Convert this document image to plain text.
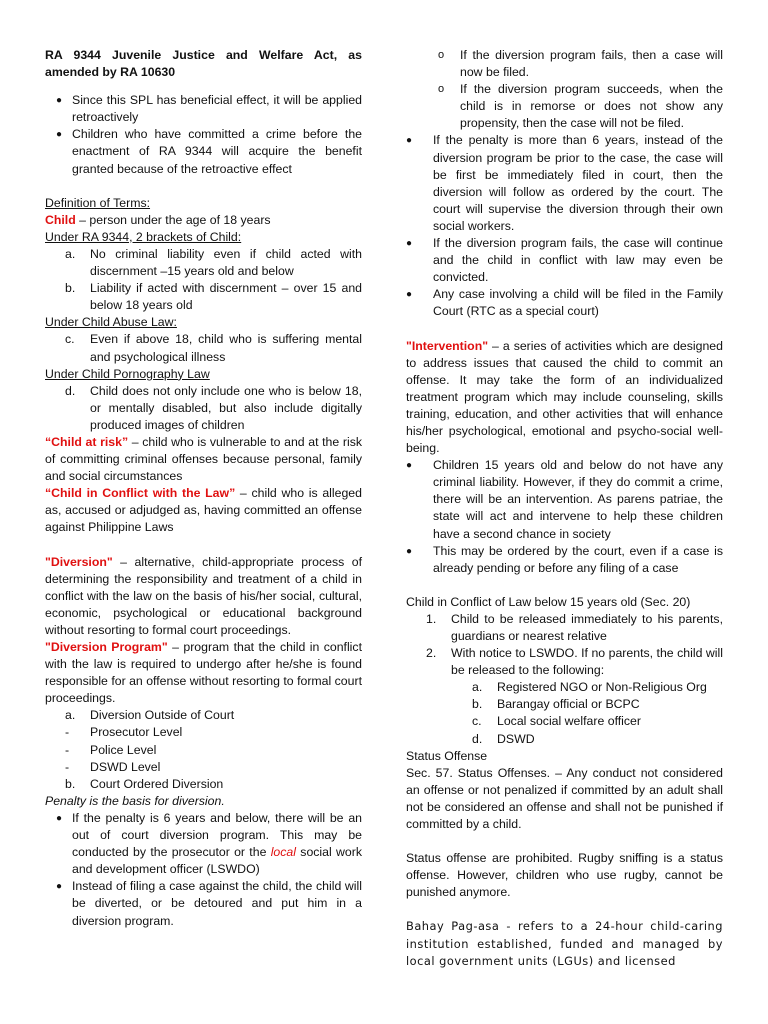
RA 9344 Juvenile Justice and Welfare Act, as amended by RA 10630

● Since this SPL has beneficial effect, it will be applied retroactively
● Children who have committed a crime before the enactment of RA 9344 will acquire the benefit granted because of the retroactive effect

Definition of Terms:

Child – person under the age of 18 years

Under RA 9344, 2 brackets of Child:

a.	No criminal liability even if child acted with discernment –15 years old and below
b.	Liability if acted with discernment – over 15 and below 18 years old

Under Child Abuse Law:

c.	Even if above 18, child who is suffering mental and psychological illness

Under Child Pornography Law

d.	Child does not only include one who is below 18, or mentally disabled, but also include digitally produced images of children

“Child at risk” – child who is vulnerable to and at the risk of committing criminal offenses because personal, family and social circumstances

“Child in Conflict with the Law” – child who is alleged as, accused or adjudged as, having committed an offense against Philippine Laws

"Diversion" – alternative, child-appropriate process of determining the responsibility and treatment of a child in conflict with the law on the basis of his/her social, cultural, economic, psychological or educational background without resorting to formal court proceedings.

"Diversion Program" – program that the child in conflict with the law is required to undergo after he/she is found responsible for an offense without resorting to formal court proceedings.

a.	Diversion Outside of Court
-	Prosecutor Level
-	Police Level
-	DSWD Level
b.	Court Ordered Diversion

Penalty is the basis for diversion.

● If the penalty is 6 years and below, there will be an out of court diversion program. This may be conducted by the prosecutor or the local social work and development officer (LSWDO)
● Instead of filing a case against the child, the child will be diverted, or be detoured and put him in a diversion program.
o	If the diversion program fails, then a case will now be filed.
o	If the diversion program succeeds, when the child is in remorse or does not show any propensity, then the case will not be filed.
●	If the penalty is more than 6 years, instead of the diversion program be prior to the case, the case will be first be immediately filed in court, then the diversion will follow as ordered by the court. The court will supervise the diversion through their own social workers.
●	If the diversion program fails, the case will continue and the child in conflict with law may even be convicted.
●	Any case involving a child will be filed in the Family Court (RTC as a special court)

"Intervention" – a series of activities which are designed to address issues that caused the child to commit an offense. It may take the form of an individualized treatment program which may include counseling, skills training, education, and other activities that will enhance his/her psychological, emotional and psycho-social well-being.

●	Children 15 years old and below do not have any criminal liability. However, if they do commit a crime, there will be an intervention. As parens patriae, the state will act and intervene to help these children have a second chance in society
●	This may be ordered by the court, even if a case is already pending or before any filing of a case

Child in Conflict of Law below 15 years old (Sec. 20)

1.	Child to be released immediately to his parents, guardians or nearest relative
2.	With notice to LSWDO. If no parents, the child will be released to the following:
a.	Registered NGO or Non-Religious Org
b.	Barangay official or BCPC
c.	Local social welfare officer
d.	DSWD

Status Offense

Sec. 57. Status Offenses. – Any conduct not considered an offense or not penalized if committed by an adult shall not be considered an offense and shall not be punished if committed by a child.

Status offense are prohibited. Rugby sniffing is a status offense. However, children who use rugby, cannot be punished anymore.

Bahay Pag-asa - refers to a 24-hour child-caring institution established, funded and managed by local government units (LGUs) and licensed
